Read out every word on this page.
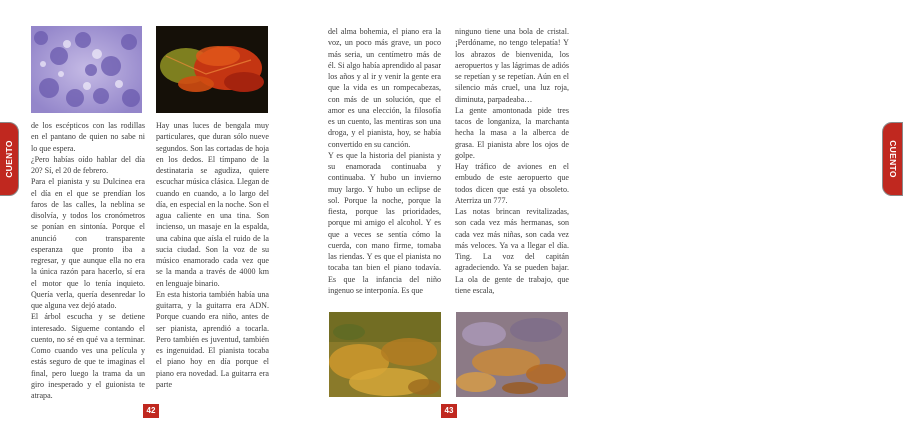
de los escépticos con las rodillas en el pantano de quien no sabe ni lo que espera.

¿Pero habías oído hablar del día 20? Sí, el 20 de febrero.

Para el pianista y su Dulcinea era el día en el que se prendían los faros de las calles, la neblina se disolvía, y todos los cronómetros se ponían en sintonía. Porque el anunció con transparente esperanza que pronto iba a regresar, y que aunque ella no era la única razón para hacerlo, sí era el motor que lo tenía inquieto. Quería verla, quería desenredar lo que alguna vez dejó atado.

El árbol escucha y se detiene interesado. Sigueme contando el cuento, no sé en qué va a terminar. Como cuando ves una película y estás seguro de que te imaginas el final, pero luego la trama da un giro inesperado y el guionista te atrapa.

Hay unas luces de bengala muy particulares, que duran sólo nueve segundos. Son las cortadas de hoja en los dedos. El tímpano de la destinataria se agudiza, quiere escuchar música clásica. Llegan de cuando en cuando, a lo largo del día, en especial en la noche. Son el agua caliente en una tina. Son incienso, un masaje en la espalda, una cabina que aísla el ruido de la sucia ciudad. Son la voz de su músico enamorado cada vez que se la manda a través de 4000 km en lenguaje binario.

En esta historia también había una guitarra, y la guitarra era ADN. Porque cuando era niño, antes de ser pianista, aprendió a tocarla. Pero también es juventud, también es ingenuidad. El pianista tocaba el piano hoy en día porque el piano era novedad. La guitarra era parte

CUENTO
42

del alma bohemia, el piano era la voz, un poco más grave, un poco más seria, un centímetro más de él. Si algo había aprendido al pasar los años y al ir y venir la gente era que la vida es un rompecabezas, con más de un solución, que el amor es una elección, la filosofía es un cuento, las mentiras son una droga, y el pianista, hoy, se había convertido en su canción.

Y es que la historia del pianista y su enamorada continuaba y continuaba. Y hubo un invierno muy largo. Y hubo un eclipse de sol. Porque la noche, porque la fiesta, porque las prioridades, porque mi amigo el alcohol. Y es que a veces se sentía cómo la cuerda, con mano firme, tomaba las riendas. Y es que el pianista no tocaba tan bien el piano todavía. Es que la infancia del niño ingenuo se interponía. Es que

ninguno tiene una bola de cristal. ¡Perdóname, no tengo telepatía! Y los abrazos de bienvenida, los aeropuertos y las lágrimas de adiós se repetían y se repetían. Aún en el silencio más cruel, una luz roja, diminuta, parpadeaba…

La gente amontonada pide tres tacos de longaniza, la marchanta hecha la masa a la alberca de grasa. El pianista abre los ojos de golpe.

Hay tráfico de aviones en el embudo de este aeropuerto que todos dicen que está ya obsoleto. Aterriza un 777.

Las notas brincan revitalizadas, son cada vez más hermanas, son cada vez más niñas, son cada vez más veloces. Ya va a llegar el día. Ting. La voz del capitán agradeciendo. Ya se pueden bajar. La ola de gente de trabajo, que tiene escala,

CUENTO
43
